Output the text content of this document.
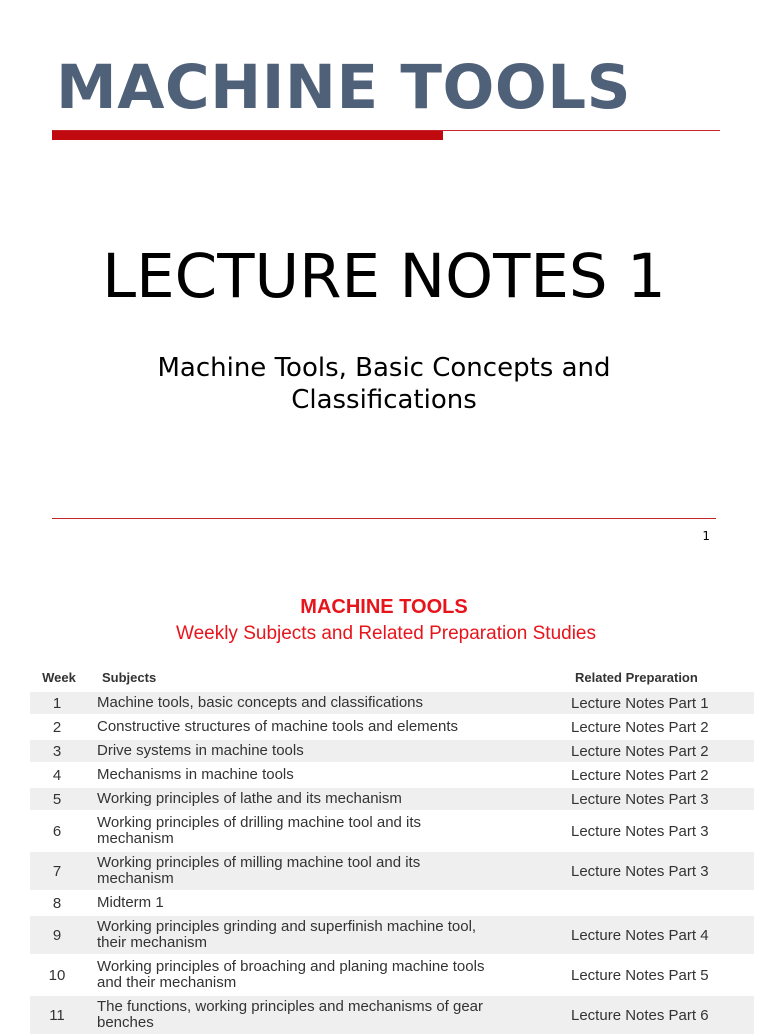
MACHINE TOOLS
LECTURE NOTES 1

Machine Tools, Basic Concepts and
Classifications

1
MACHINE TOOLS

Weekly Subjects and Related Preparation Studies

Week	Subjects	Related Preparation
1	Machine tools, basic concepts and classifications	Lecture Notes Part 1
2	Constructive structures of machine tools and elements	Lecture Notes Part 2
3	Drive systems in machine tools	Lecture Notes Part 2
4	Mechanisms in machine tools	Lecture Notes Part 2
5	Working principles of lathe and its mechanism	Lecture Notes Part 3
6	Working principles of drilling machine tool and its
mechanism	Lecture Notes Part 3
7	Working principles of milling machine tool and its
mechanism	Lecture Notes Part 3
8	Midterm 1
9	Working principles grinding and superfinish machine tool,
their mechanism	Lecture Notes Part 4
10	Working principles of broaching and planing machine tools
and their mechanism	Lecture Notes Part 5
11	The functions, working principles and mechanisms of gear
benches	Lecture Notes Part 6
